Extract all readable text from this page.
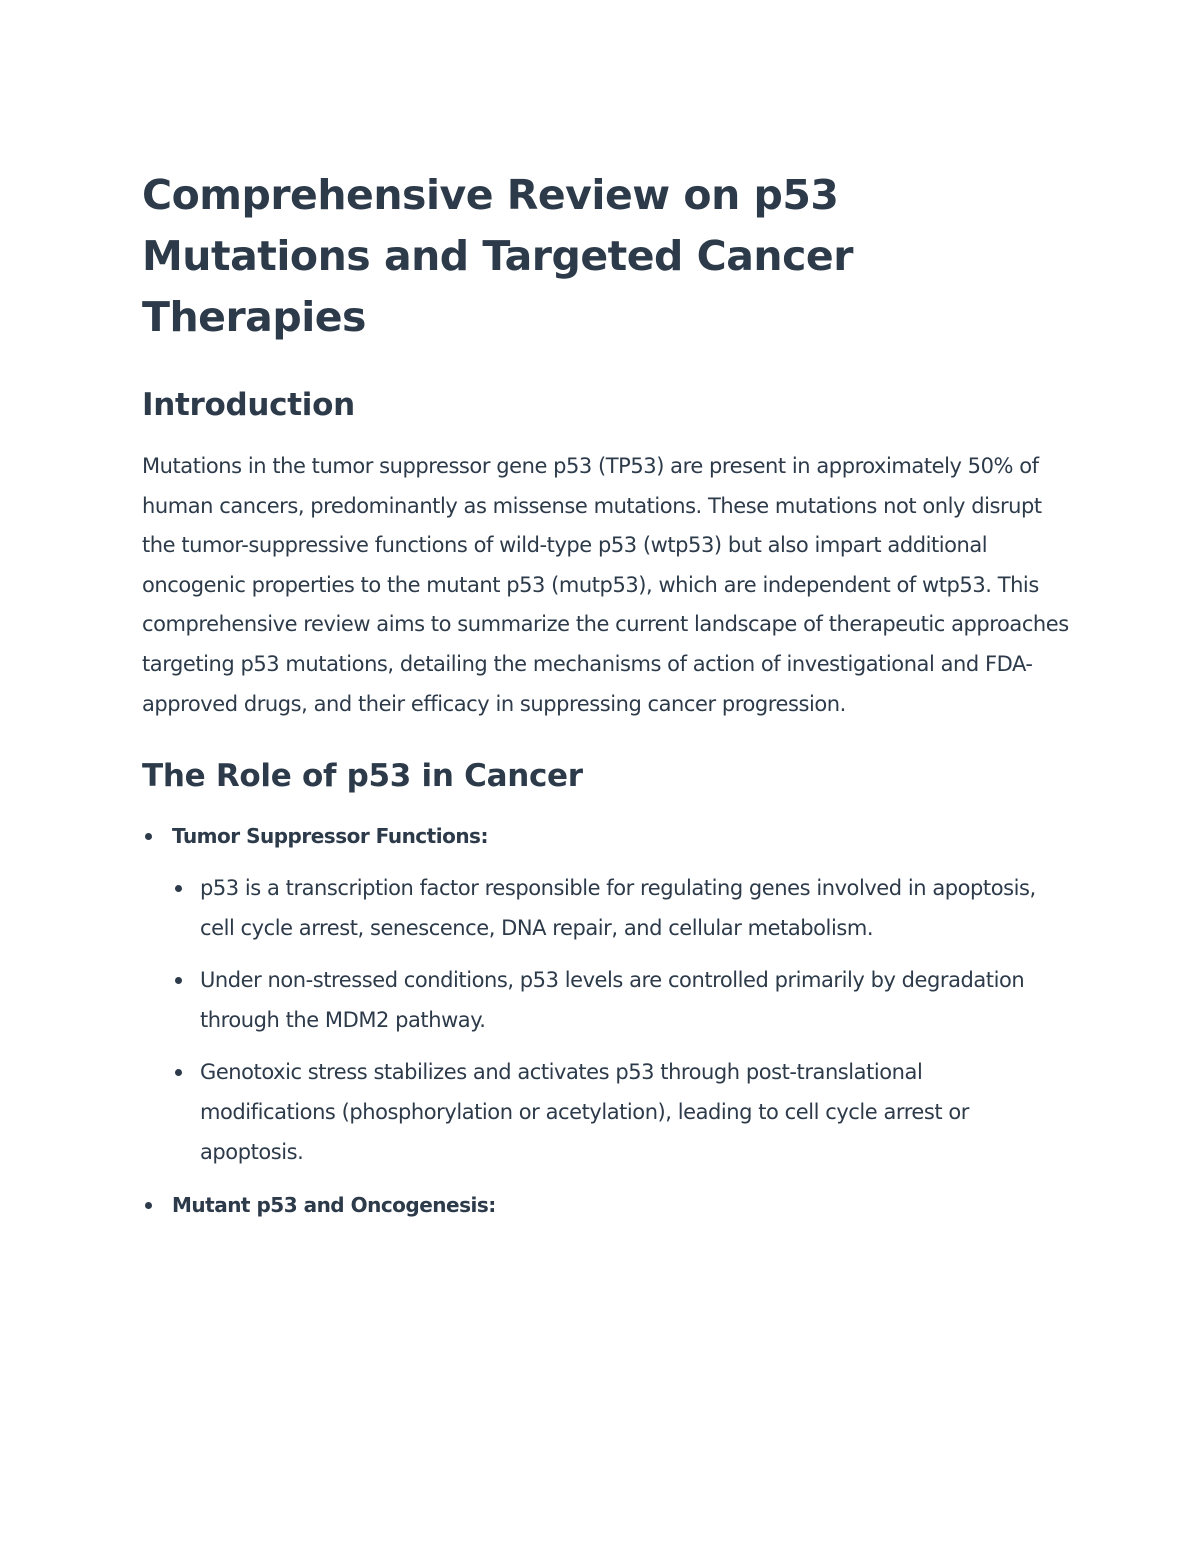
Comprehensive Review on p53 Mutations and Targeted Cancer Therapies
Introduction

Mutations in the tumor suppressor gene p53 (TP53) are present in approximately 50% of human cancers, predominantly as missense mutations. These mutations not only disrupt the tumor-suppressive functions of wild-type p53 (wtp53) but also impart additional oncogenic properties to the mutant p53 (mutp53), which are independent of wtp53. This comprehensive review aims to summarize the current landscape of therapeutic approaches targeting p53 mutations, detailing the mechanisms of action of investigational and FDA-approved drugs, and their efficacy in suppressing cancer progression.

The Role of p53 in Cancer
Tumor Suppressor Functions:
p53 is a transcription factor responsible for regulating genes involved in apoptosis, cell cycle arrest, senescence, DNA repair, and cellular metabolism.
Under non-stressed conditions, p53 levels are controlled primarily by degradation through the MDM2 pathway.
Genotoxic stress stabilizes and activates p53 through post-translational modifications (phosphorylation or acetylation), leading to cell cycle arrest or apoptosis.
Mutant p53 and Oncogenesis:
